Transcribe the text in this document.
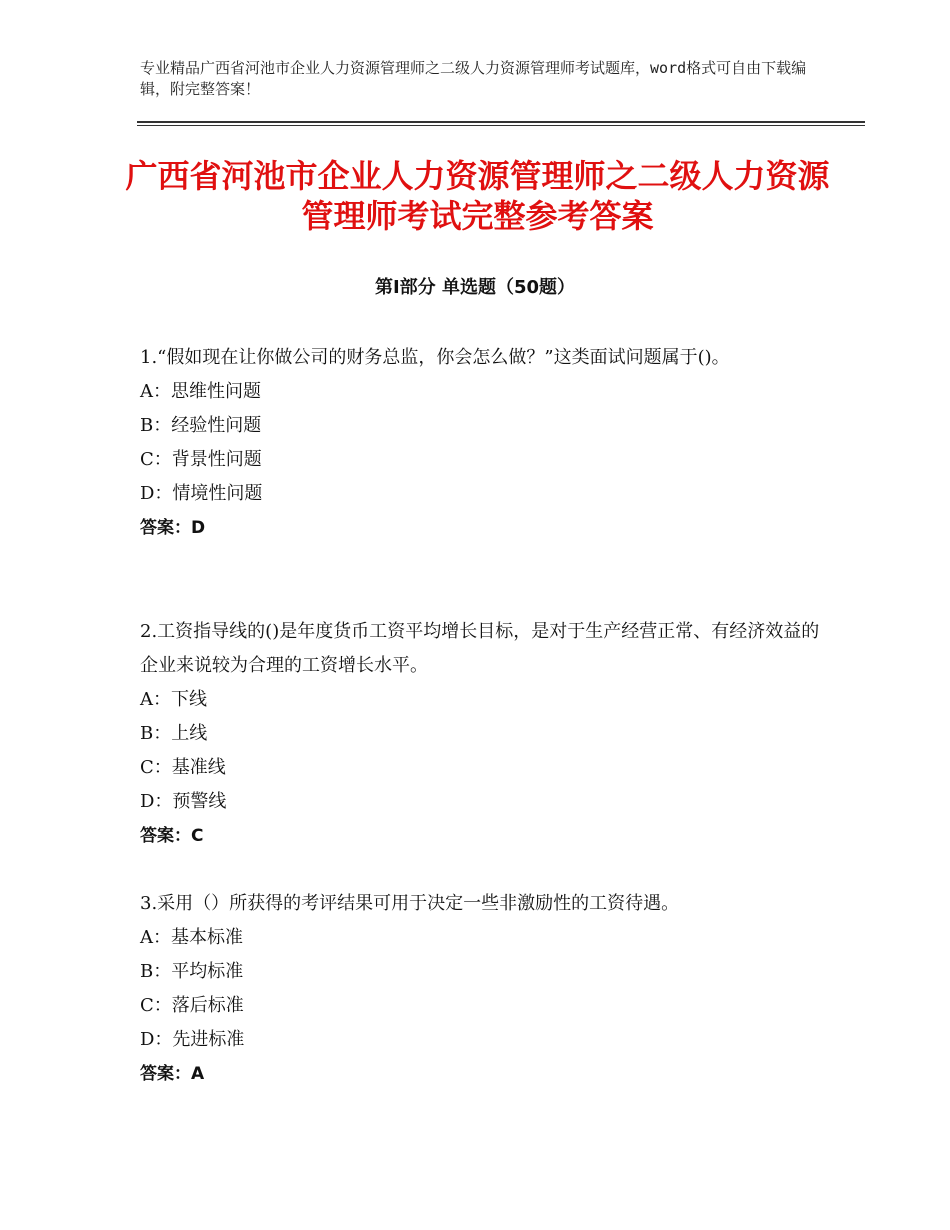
专业精品广西省河池市企业人力资源管理师之二级人力资源管理师考试题库，word格式可自由下载编辑，附完整答案！
广西省河池市企业人力资源管理师之二级人力资源管理师考试完整参考答案
第Ⅰ部分 单选题（50题）

1.“假如现在让你做公司的财务总监，你会怎么做？”这类面试问题属于()。

A：思维性问题

B：经验性问题

C：背景性问题

D：情境性问题

答案：D

2.工资指导线的()是年度货币工资平均增长目标，是对于生产经营正常、有经济效益的企业来说较为合理的工资增长水平。

A：下线

B：上线

C：基准线

D：预警线

答案：C

3.采用（）所获得的考评结果可用于决定一些非激励性的工资待遇。

A：基本标准

B：平均标准

C：落后标准

D：先进标准

答案：A
